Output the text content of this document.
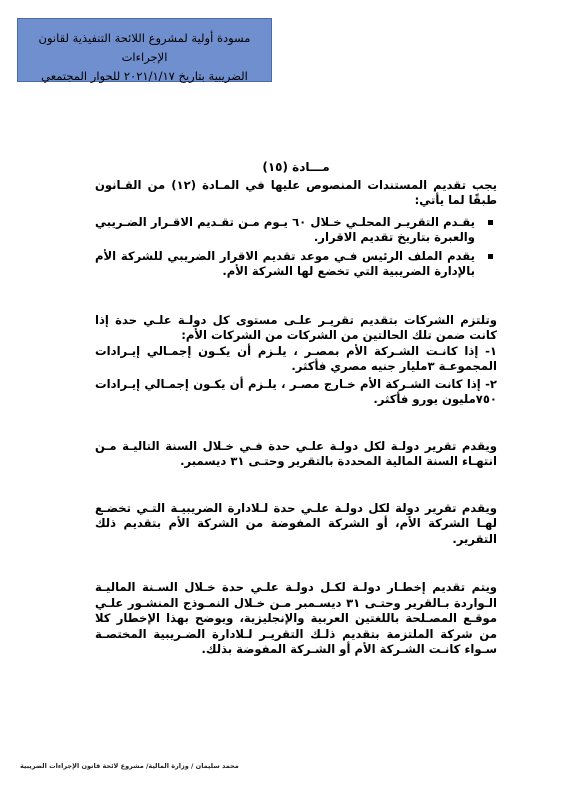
مسودة أولية لمشروع اللائحة التنفيذية لقانون الإجراءات
الضريبية بتاريخ ٢٠٢١/١/١٧ للحوار المجتمعي
مـــادة (١٥)

يجب تقديم المستندات المنصوص عليها في المـادة (١٢) من القـانون طبقًا لما يأتي:

يقـدم التقريـر المحلـي خـلال ٦٠ يـوم مـن تقـديم الاقـرار الضـريبي والعبرة بتاريخ تقديم الاقرار.
يقدم الملف الرئيس فـي موعد تقديم الاقرار الضريبي للشركة الأم بالإدارة الضريبية التي تخضع لها الشركة الأم.

وتلتزم الشركات بتقديم تقريـر علـى مستوى كل دولـة علـي حدة إذا كانت ضمن تلك الحالتين من الشركات من الشركات الأم:

١- إذا كانـت الشـركة الأم بمصـر ، يلـزم أن يكـون إجمـالي إيـرادات المجموعـة ٣مليار جنيه مصري فأكثر.
٢- إذا كانت الشـركة الأم خـارج مصـر ، يلـزم أن يكـون إجمـالي إيـرادات ٧٥٠مليون يورو فأكثر.

ويقدم تقرير دولـة لكل دولـة علـي حدة فـي خـلال السنة التاليـة مـن انتهـاء السنة المالية المحددة بالتقرير وحتـى ٣١ ديسمبر.

ويقدم تقرير دولة لكل دولـة علـي حدة لـلادارة الضريبيـة التـي تخضـع لهـا الشركة الأم، أو الشركة المفوضة من الشركة الأم بتقديم ذلك التقرير.

ويتم تقديم إخطـار دولـة لكـل دولـة علـي حدة خـلال السـنة الماليـة الـواردة بـالقرير وحتـى ٣١ ديسـمبر مـن خـلال النمـوذج المنشـور علـي موقـع المصـلحة باللغتين العربية والإنجليزية، ويوضح بهذا الإخطار كلا من شركة الملتزمة بتقديم ذلـك التقريـر لـلادارة الضـريبية المختصـة سـواء كانـت الشـركة الأم أو الشـركة المفوضة بذلك.

محمد سليمان / وزارة المالية/ مشروع لائحة قانون الإجراءات الضريبية
